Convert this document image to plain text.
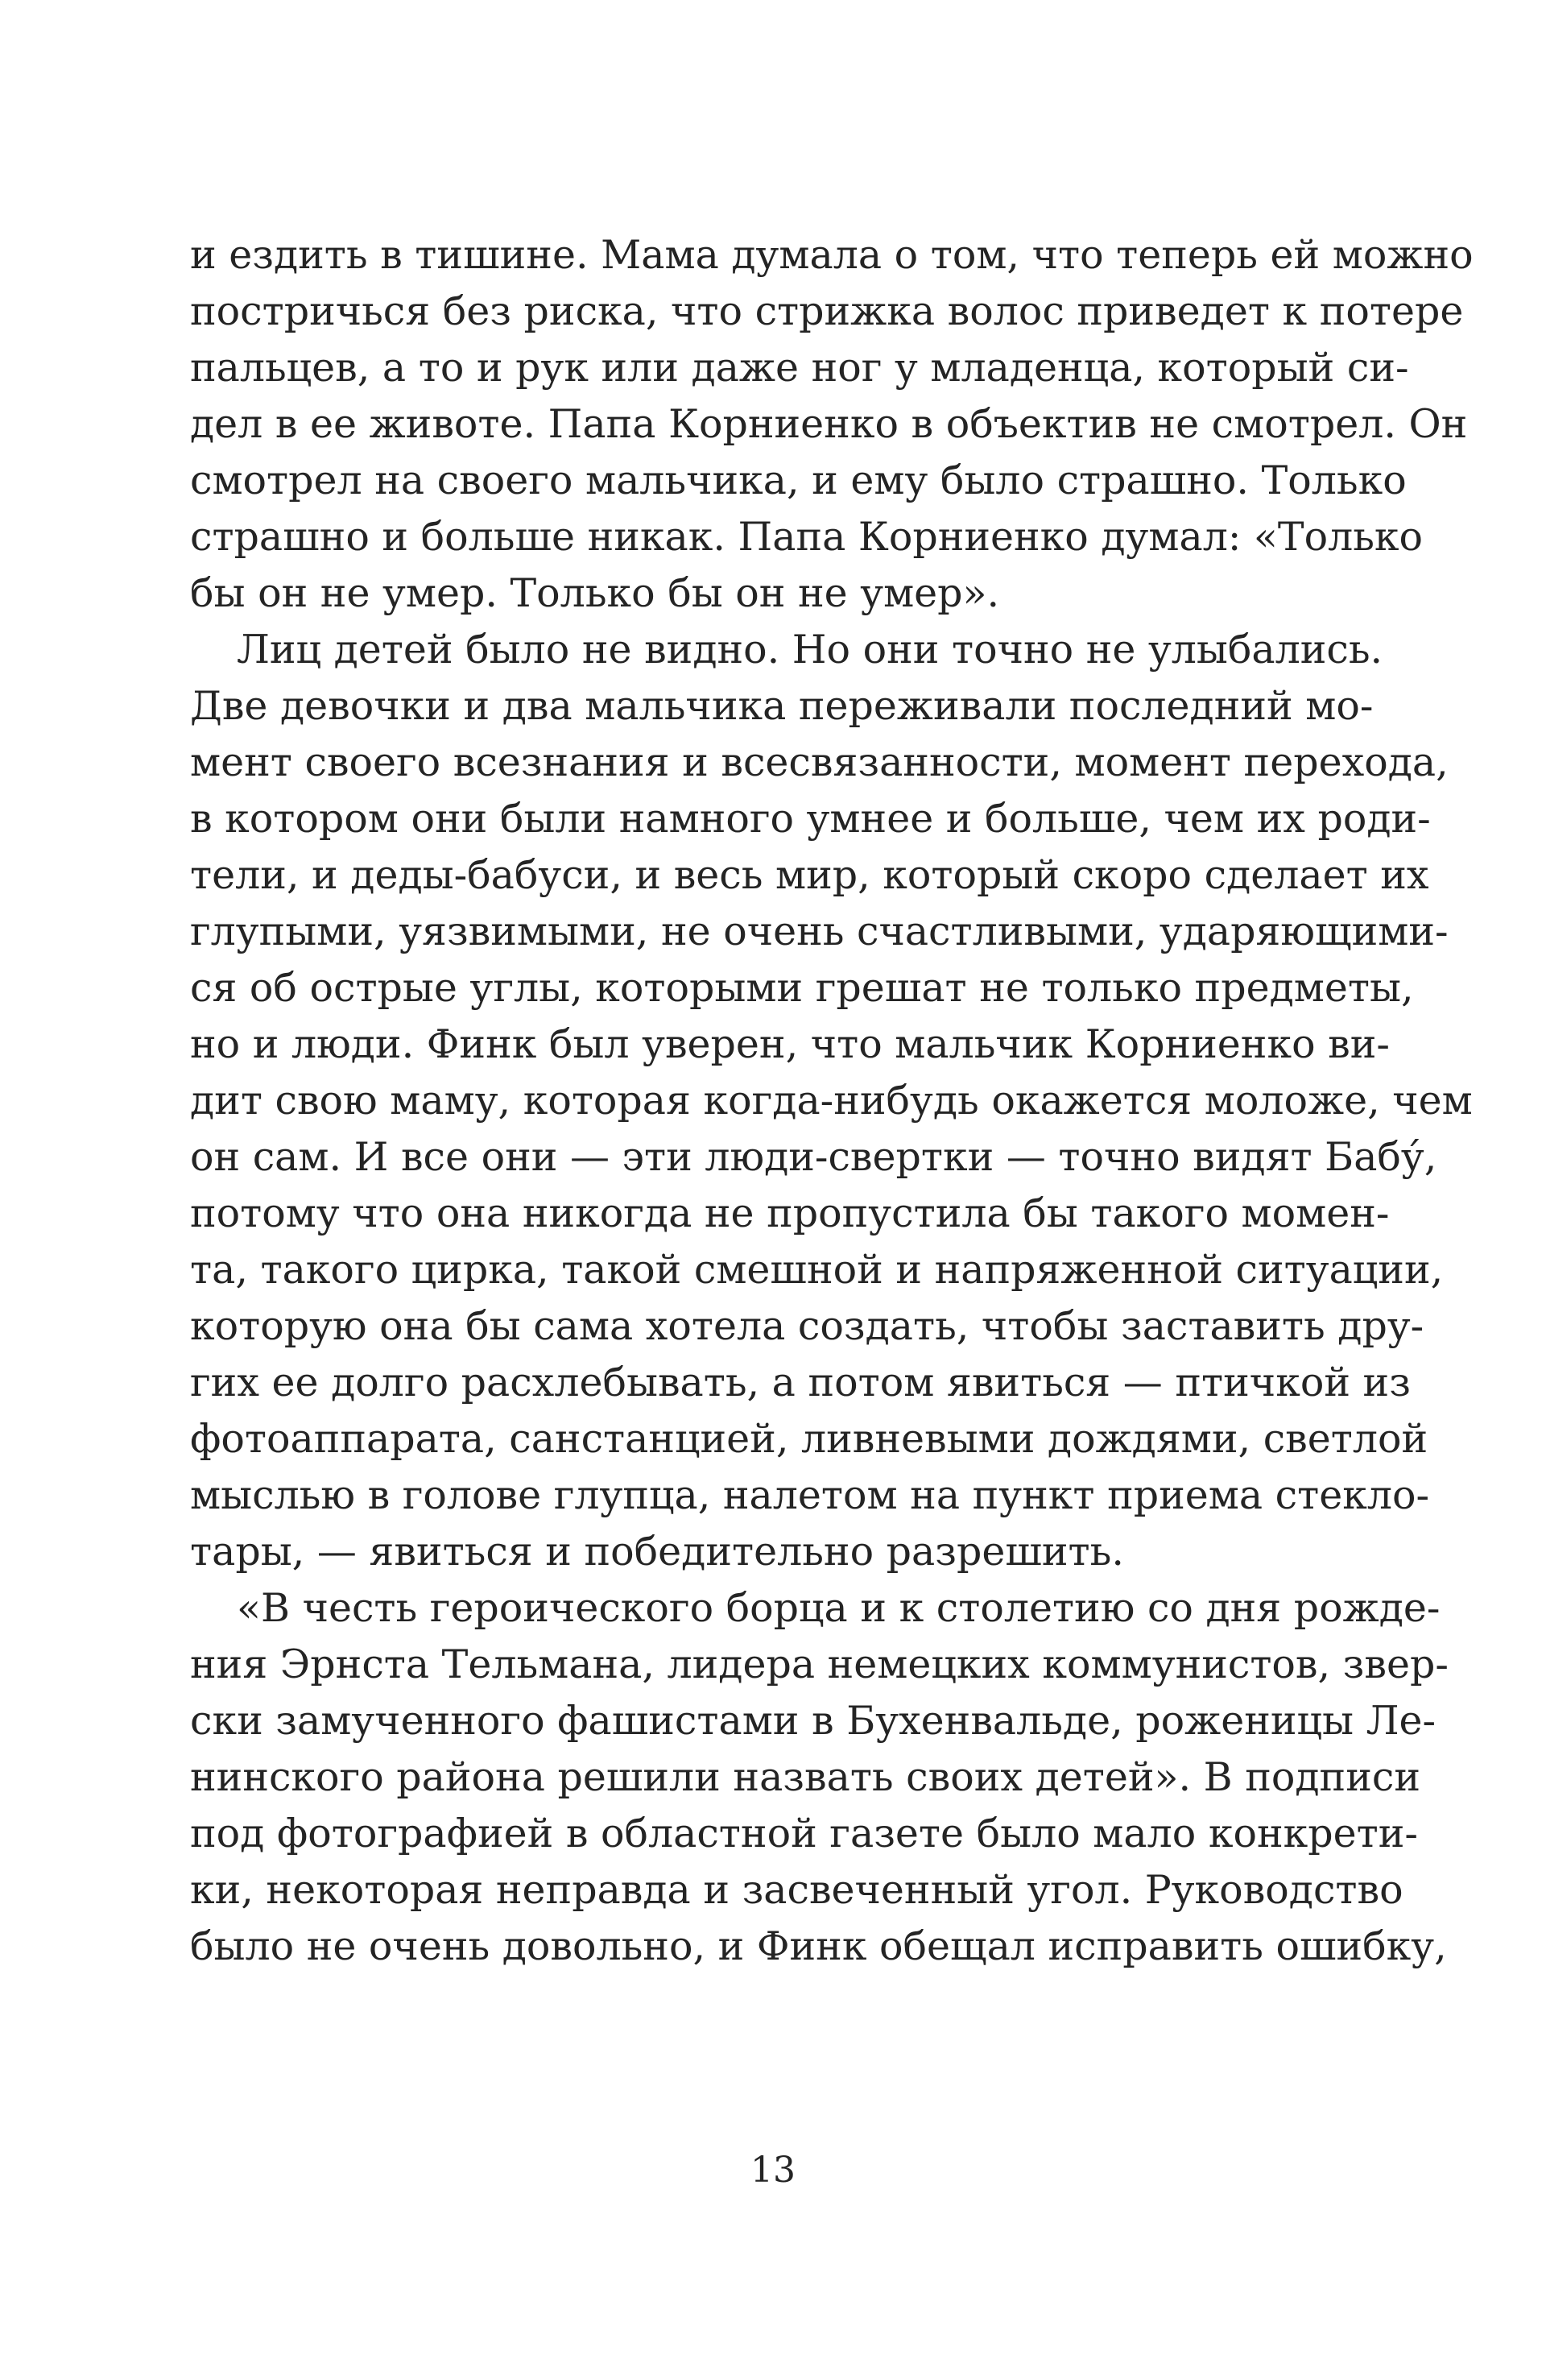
и ездить в тишине. Мама думала о том, что теперь ей можно
постричься без риска, что стрижка волос приведет к потере
пальцев, а то и рук или даже ног у младенца, который си-
дел в ее животе. Папа Корниенко в объектив не смотрел. Он
смотрел на своего мальчика, и ему было страшно. Только
страшно и больше никак. Папа Корниенко думал: «Только
бы он не умер. Только бы он не умер».
Лиц детей было не видно. Но они точно не улыбались.
Две девочки и два мальчика переживали последний мо-
мент своего всезнания и всесвязанности, момент перехода,
в котором они были намного умнее и больше, чем их роди-
тели, и деды-бабуси, и весь мир, который скоро сделает их
глупыми, уязвимыми, не очень счастливыми, ударяющими-
ся об острые углы, которыми грешат не только предметы,
но и люди. Финк был уверен, что мальчик Корниенко ви-
дит свою маму, которая когда-нибудь окажется моложе, чем
он сам. И все они — эти люди-свертки — точно видят Бабу́,
потому что она никогда не пропустила бы такого момен-
та, такого цирка, такой смешной и напряженной ситуации,
которую она бы сама хотела создать, чтобы заставить дру-
гих ее долго расхлебывать, а потом явиться — птичкой из
фотоаппарата, санстанцией, ливневыми дождями, светлой
мыслью в голове глупца, налетом на пункт приема стекло-
тары, — явиться и победительно разрешить.
«В честь героического борца и к столетию со дня рожде-
ния Эрнста Тельмана, лидера немецких коммунистов, звер-
ски замученного фашистами в Бухенвальде, роженицы Ле-
нинского района решили назвать своих детей». В подписи
под фотографией в областной газете было мало конкрети-
ки, некоторая неправда и засвеченный угол. Руководство
было не очень довольно, и Финк обещал исправить ошибку,
13
